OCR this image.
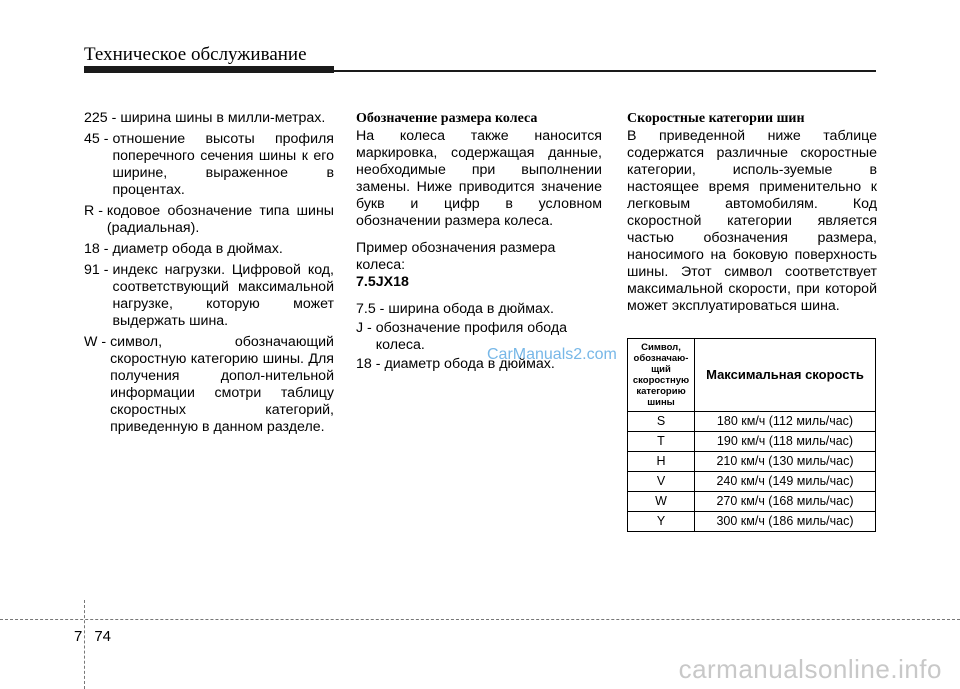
Техническое обслуживание
225 - ширина шины в милли-метрах.
45 - отношение высоты профиля поперечного сечения шины к его ширине, выраженное в процентах.
R - кодовое обозначение типа шины (радиальная).
18 - диаметр обода в дюймах.
91 - индекс нагрузки. Цифровой код, соответствующий максимальной нагрузке, которую может выдержать шина.
W - символ, обозначающий скоростную категорию шины. Для получения допол-нительной информации смотри таблицу скоростных категорий, приведенную в данном разделе.
Обозначение размера колеса
На колеса также наносится маркировка, содержащая данные, необходимые при выполнении замены. Ниже приводится значение букв и цифр в условном обозначении размера колеса.
Пример обозначения размера колеса:
7.5JX18
7.5 - ширина обода в дюймах.
J - обозначение профиля обода колеса.
18 - диаметр обода в дюймах.
Скоростные категории шин
В приведенной ниже таблице содержатся различные скоростные категории, исполь-зуемые в настоящее время применительно к легковым автомобилям. Код скоростной категории является частью обозначения размера, наносимого на боковую поверхность шины. Этот символ соответствует максимальной скорости, при которой может эксплуатироваться шина.
Символ, обозначаю-щий скоростную категорию шины	Максимальная скорость
S	180 км/ч (112 миль/час)
T	190 км/ч (118 миль/час)
H	210 км/ч (130 миль/час)
V	240 км/ч (149 миль/час)
W	270 км/ч (168 миль/час)
Y	300 км/ч (186 миль/час)
CarManuals2.com
7 74
carmanualsonline.info
